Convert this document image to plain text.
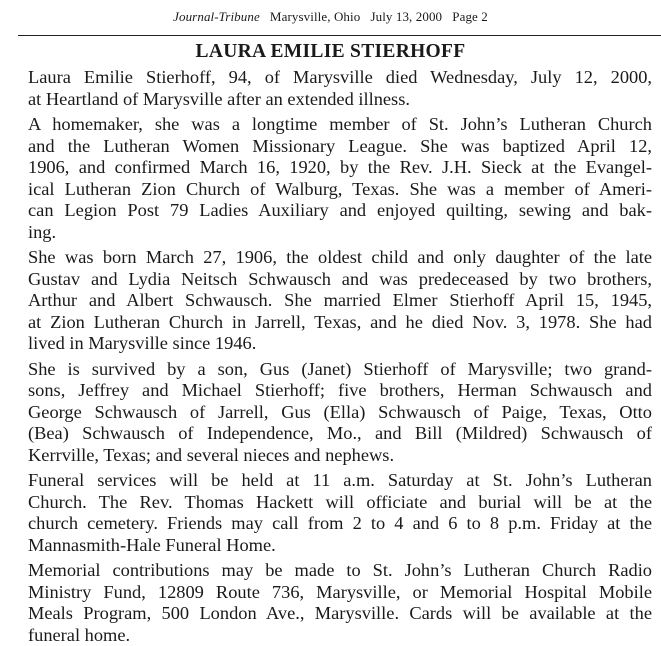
Journal-Tribune Marysville, Ohio July 13, 2000 Page 2
LAURA EMILIE STIERHOFF

Laura Emilie Stierhoff, 94, of Marysville died Wednesday, July 12, 2000,
at Heartland of Marysville after an extended illness.

A homemaker, she was a longtime member of St. John’s Lutheran Church
and the Lutheran Women Missionary League. She was baptized April 12,
1906, and confirmed March 16, 1920, by the Rev. J.H. Sieck at the Evangel-
ical Lutheran Zion Church of Walburg, Texas. She was a member of Ameri-
can Legion Post 79 Ladies Auxiliary and enjoyed quilting, sewing and bak-
ing.

She was born March 27, 1906, the oldest child and only daughter of the late
Gustav and Lydia Neitsch Schwausch and was predeceased by two brothers,
Arthur and Albert Schwausch. She married Elmer Stierhoff April 15, 1945,
at Zion Lutheran Church in Jarrell, Texas, and he died Nov. 3, 1978. She had
lived in Marysville since 1946.

She is survived by a son, Gus (Janet) Stierhoff of Marysville; two grand-
sons, Jeffrey and Michael Stierhoff; five brothers, Herman Schwausch and
George Schwausch of Jarrell, Gus (Ella) Schwausch of Paige, Texas, Otto
(Bea) Schwausch of Independence, Mo., and Bill (Mildred) Schwausch of
Kerrville, Texas; and several nieces and nephews.

Funeral services will be held at 11 a.m. Saturday at St. John’s Lutheran
Church. The Rev. Thomas Hackett will officiate and burial will be at the
church cemetery. Friends may call from 2 to 4 and 6 to 8 p.m. Friday at the
Mannasmith-Hale Funeral Home.

Memorial contributions may be made to St. John’s Lutheran Church Radio
Ministry Fund, 12809 Route 736, Marysville, or Memorial Hospital Mobile
Meals Program, 500 London Ave., Marysville. Cards will be available at the
funeral home.
